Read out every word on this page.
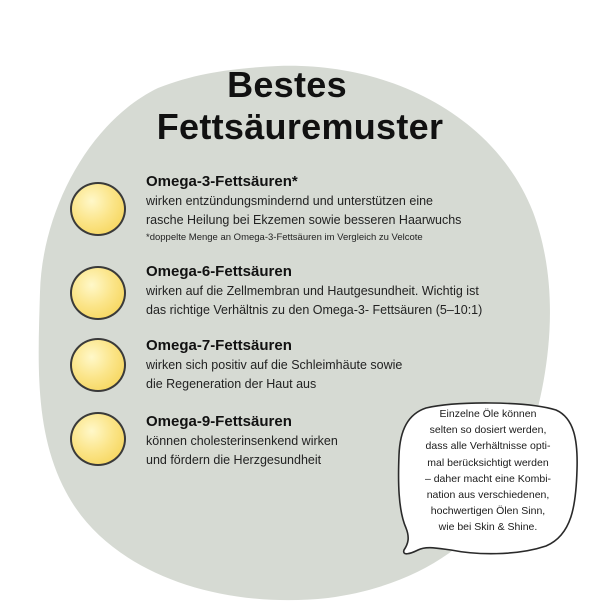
Bestes
Fettsäuremuster
Omega-3-Fettsäuren*
wirken entzündungsmindernd und unterstützen eine
rasche Heilung bei Ekzemen sowie besseren Haarwuchs
*doppelte Menge an Omega-3-Fettsäuren im Vergleich zu Velcote
Omega-6-Fettsäuren
wirken auf die Zellmembran und Hautgesundheit. Wichtig ist
das richtige Verhältnis zu den Omega-3- Fettsäuren (5–10:1)
Omega-7-Fettsäuren
wirken sich positiv auf die Schleimhäute sowie
die Regeneration der Haut aus
Omega-9-Fettsäuren
können cholesterinsenkend wirken
und fördern die Herzgesundheit
Einzelne Öle können
selten so dosiert werden,
dass alle Verhältnisse opti-
mal berücksichtigt werden
– daher macht eine Kombi-
nation aus verschiedenen,
hochwertigen Ölen Sinn,
wie bei Skin & Shine.
